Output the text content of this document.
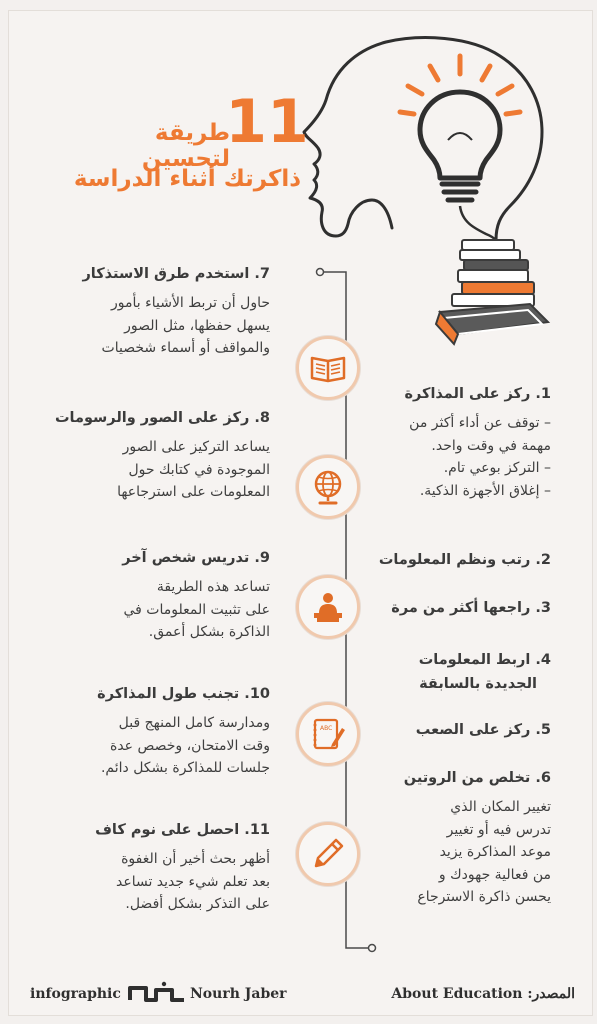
11
طريقة لتحسين
ذاكرتك أثناء الدراسة
ABC
7. استخدم طرق الاستذكار
حاول أن تربط الأشياء بأمور
يسهل حفظها، مثل الصور
والمواقف أو أسماء شخصيات
8. ركز على الصور والرسومات
يساعد التركيز على الصور
الموجودة في كتابك حول
المعلومات على استرجاعها
9. تدريس شخص آخر
تساعد هذه الطريقة
على تثبيت المعلومات في
الذاكرة بشكل أعمق.
10. تجنب طول المذاكرة
ومدارسة كامل المنهج قبل
وقت الامتحان، وخصص عدة
جلسات للمذاكرة بشكل دائم.
11. احصل على نوم كاف
أظهر بحث أخير أن الغفوة
بعد تعلم شيء جديد تساعد
على التذكر بشكل أفضل.
1. ركز على المذاكرة
– توقف عن أداء أكثر من
مهمة في وقت واحد.
– التركز بوعي تام.
– إغلاق الأجهزة الذكية.
2. رتب ونظم المعلومات
3. راجعها أكثر من مرة
4. اربط المعلومات
الجديدة بالسابقة
5. ركز على الصعب
6. تخلص من الروتين
تغيير المكان الذي
تدرس فيه أو تغيير
موعد المذاكرة يزيد
من فعالية جهودك و
يحسن ذاكرة الاسترجاع
infographic	Nourh Jaber	المصدر: About Education
